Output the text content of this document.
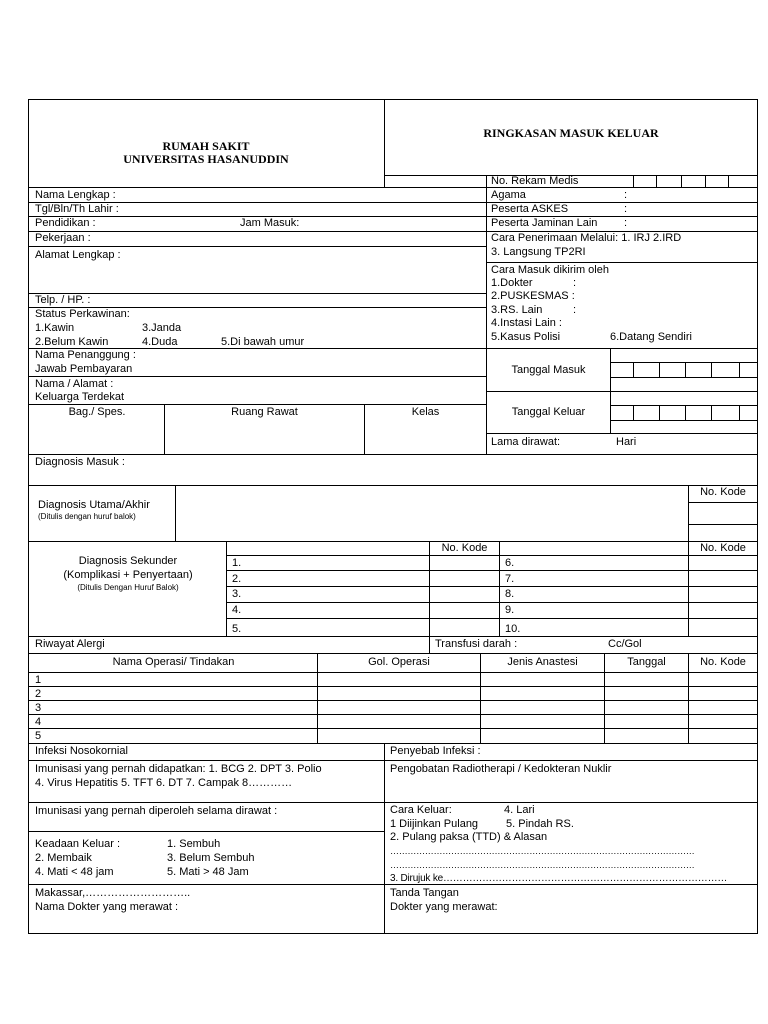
RUMAH SAKIT
UNIVERSITAS HASANUDDIN
RINGKASAN MASUK KELUAR
No. Rekam Medis
Nama Lengkap :
Tgl/Bln/Th Lahir :
Pendidikan :	Jam Masuk:
Pekerjaan :
Alamat Lengkap :
Telp. / HP. :
Status Perkawinan:
1.Kawin	3.Janda
2.Belum Kawin	4.Duda	5.Di bawah umur
Nama Penanggung :
Jawab Pembayaran
Nama / Alamat :
Keluarga Terdekat
Bag./ Spes.	Ruang Rawat	Kelas
Agama	:
Peserta ASKES	:
Peserta Jaminan Lain :
Cara Penerimaan Melalui: 1. IRJ 2.IRD
3. Langsung TP2RI
Cara Masuk dikirim oleh
1.Dokter	:
2.PUSKESMAS :
3.RS. Lain	:
4.Instasi Lain :
5.Kasus Polisi	6.Datang Sendiri
Tanggal Masuk
Tanggal Keluar
Lama dirawat:	Hari
Diagnosis Masuk :
Diagnosis Utama/Akhir
(Ditulis dengan huruf balok)
No. Kode
Diagnosis Sekunder
(Komplikasi + Penyertaan)
(Ditulis Dengan Huruf Balok)
No. Kode	No. Kode
1.
2.
3.
4.
5.
6.
7.
8.
9.
10.
Riwayat Alergi	Transfusi darah :	Cc/Gol
Nama Operasi/ Tindakan	Gol. Operasi	Jenis Anastesi	Tanggal	No. Kode
1
2
3
4
5
Infeksi Nosokornial	Penyebab Infeksi :
Imunisasi yang pernah didapatkan: 1. BCG 2. DPT 3. Polio
4. Virus Hepatitis 5. TFT 6. DT 7. Campak 8…………
Pengobatan Radiotherapi / Kedokteran Nuklir
Imunisasi yang pernah diperoleh selama dirawat :	Cara Keluar:	4. Lari
1 Diijinkan Pulang	5. Pindah RS.
2. Pulang paksa (TTD) & Alasan
……………………………………………………………………………………………
……………………………………………………………………………………………
3. Dirujuk ke……………………………………………………………………………
Keadaan Keluar :	1. Sembuh
2. Membaik	3. Belum Sembuh
4. Mati < 48 jam	5. Mati > 48 Jam
Makassar,………………………..
Nama Dokter yang merawat :
Tanda Tangan
Dokter yang merawat:
